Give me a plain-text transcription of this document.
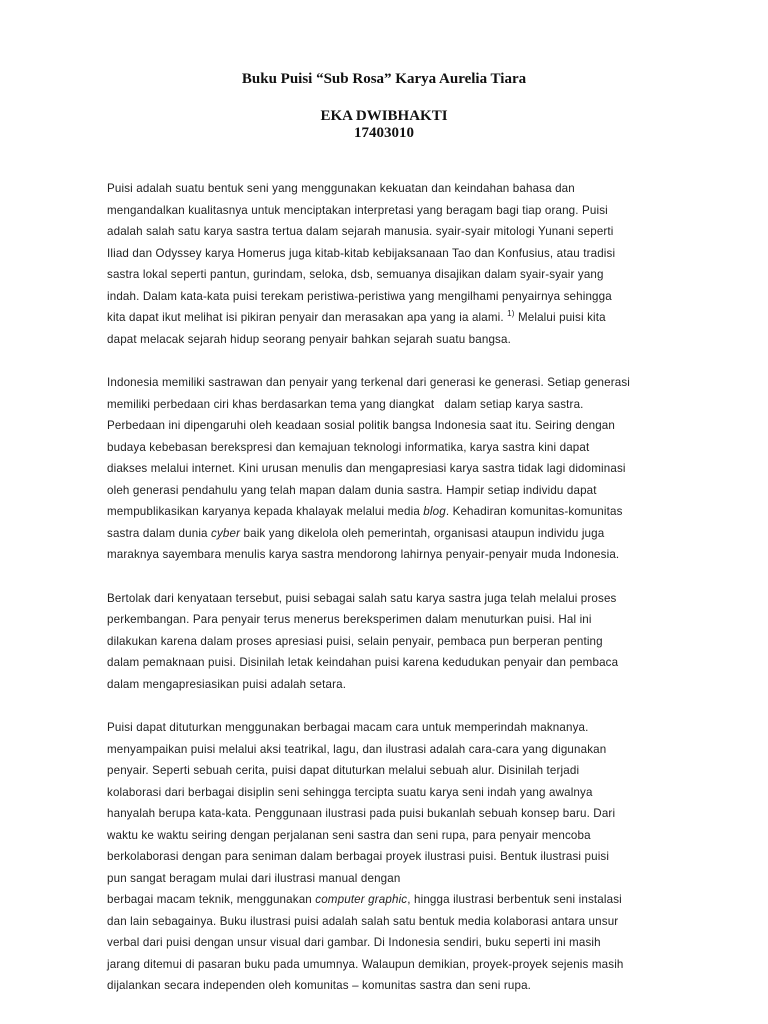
Buku Puisi “Sub Rosa” Karya Aurelia Tiara
EKA DWIBHAKTI
17403010
Puisi adalah suatu bentuk seni yang menggunakan kekuatan dan keindahan bahasa dan
mengandalkan kualitasnya untuk menciptakan interpretasi yang beragam bagi tiap orang. Puisi
adalah salah satu karya sastra tertua dalam sejarah manusia. syair-syair mitologi Yunani seperti
Iliad dan Odyssey karya Homerus juga kitab-kitab kebijaksanaan Tao dan Konfusius, atau tradisi
sastra lokal seperti pantun, gurindam, seloka, dsb, semuanya disajikan dalam syair-syair yang
indah. Dalam kata-kata puisi terekam peristiwa-peristiwa yang mengilhami penyairnya sehingga
kita dapat ikut melihat isi pikiran penyair dan merasakan apa yang ia alami. $^{1)}$ Melalui puisi kita
dapat melacak sejarah hidup seorang penyair bahkan sejarah suatu bangsa.
Indonesia memiliki sastrawan dan penyair yang terkenal dari generasi ke generasi. Setiap generasi
memiliki perbedaan ciri khas berdasarkan tema yang diangkat   dalam setiap karya sastra.
Perbedaan ini dipengaruhi oleh keadaan sosial politik bangsa Indonesia saat itu. Seiring dengan
budaya kebebasan berekspresi dan kemajuan teknologi informatika, karya sastra kini dapat
diakses melalui internet. Kini urusan menulis dan mengapresiasi karya sastra tidak lagi didominasi
oleh generasi pendahulu yang telah mapan dalam dunia sastra. Hampir setiap individu dapat
mempublikasikan karyanya kepada khalayak melalui media blog. Kehadiran komunitas-komunitas
sastra dalam dunia cyber baik yang dikelola oleh pemerintah, organisasi ataupun individu juga
maraknya sayembara menulis karya sastra mendorong lahirnya penyair-penyair muda Indonesia.
Bertolak dari kenyataan tersebut, puisi sebagai salah satu karya sastra juga telah melalui proses
perkembangan. Para penyair terus menerus bereksperimen dalam menuturkan puisi. Hal ini
dilakukan karena dalam proses apresiasi puisi, selain penyair, pembaca pun berperan penting
dalam pemaknaan puisi. Disinilah letak keindahan puisi karena kedudukan penyair dan pembaca
dalam mengapresiasikan puisi adalah setara.
Puisi dapat dituturkan menggunakan berbagai macam cara untuk memperindah maknanya.
menyampaikan puisi melalui aksi teatrikal, lagu, dan ilustrasi adalah cara-cara yang digunakan
penyair. Seperti sebuah cerita, puisi dapat dituturkan melalui sebuah alur. Disinilah terjadi
kolaborasi dari berbagai disiplin seni sehingga tercipta suatu karya seni indah yang awalnya
hanyalah berupa kata-kata. Penggunaan ilustrasi pada puisi bukanlah sebuah konsep baru. Dari
waktu ke waktu seiring dengan perjalanan seni sastra dan seni rupa, para penyair mencoba
berkolaborasi dengan para seniman dalam berbagai proyek ilustrasi puisi. Bentuk ilustrasi puisi
pun sangat beragam mulai dari ilustrasi manual dengan
berbagai macam teknik, menggunakan computer graphic, hingga ilustrasi berbentuk seni instalasi
dan lain sebagainya. Buku ilustrasi puisi adalah salah satu bentuk media kolaborasi antara unsur
verbal dari puisi dengan unsur visual dari gambar. Di Indonesia sendiri, buku seperti ini masih
jarang ditemui di pasaran buku pada umumnya. Walaupun demikian, proyek-proyek sejenis masih
dijalankan secara independen oleh komunitas – komunitas sastra dan seni rupa.
